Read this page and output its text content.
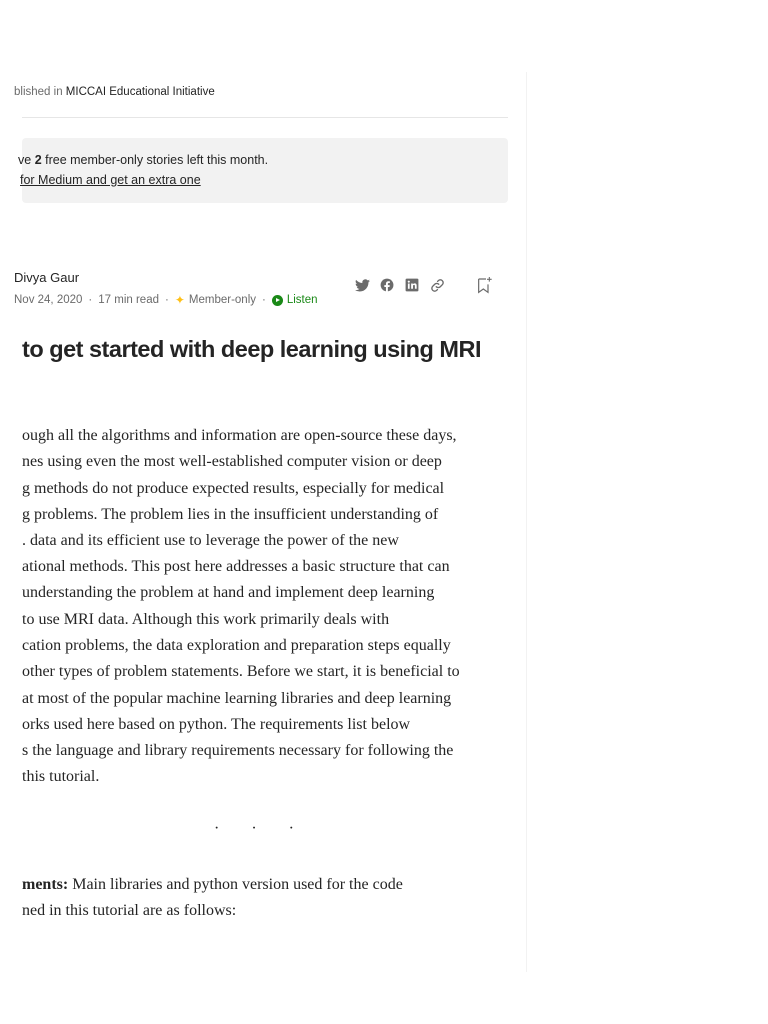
blished in MICCAI Educational Initiative
ve 2 free member-only stories left this month.
for Medium and get an extra one
Divya Gaur
Nov 24, 2020 · 17 min read · ✦ Member-only · Listen
to get started with deep learning using MRI
ough all the algorithms and information are open-source these days,
nes using even the most well-established computer vision or deep
g methods do not produce expected results, especially for medical
g problems. The problem lies in the insufficient understanding of
. data and its efficient use to leverage the power of the new
ational methods. This post here addresses a basic structure that can
understanding the problem at hand and implement deep learning
to use MRI data. Although this work primarily deals with
cation problems, the data exploration and preparation steps equally
other types of problem statements. Before we start, it is beneficial to
at most of the popular machine learning libraries and deep learning
orks used here based on python. The requirements list below
s the language and library requirements necessary for following the
this tutorial.
· · ·
ments: Main libraries and python version used for the code
ned in this tutorial are as follows:
